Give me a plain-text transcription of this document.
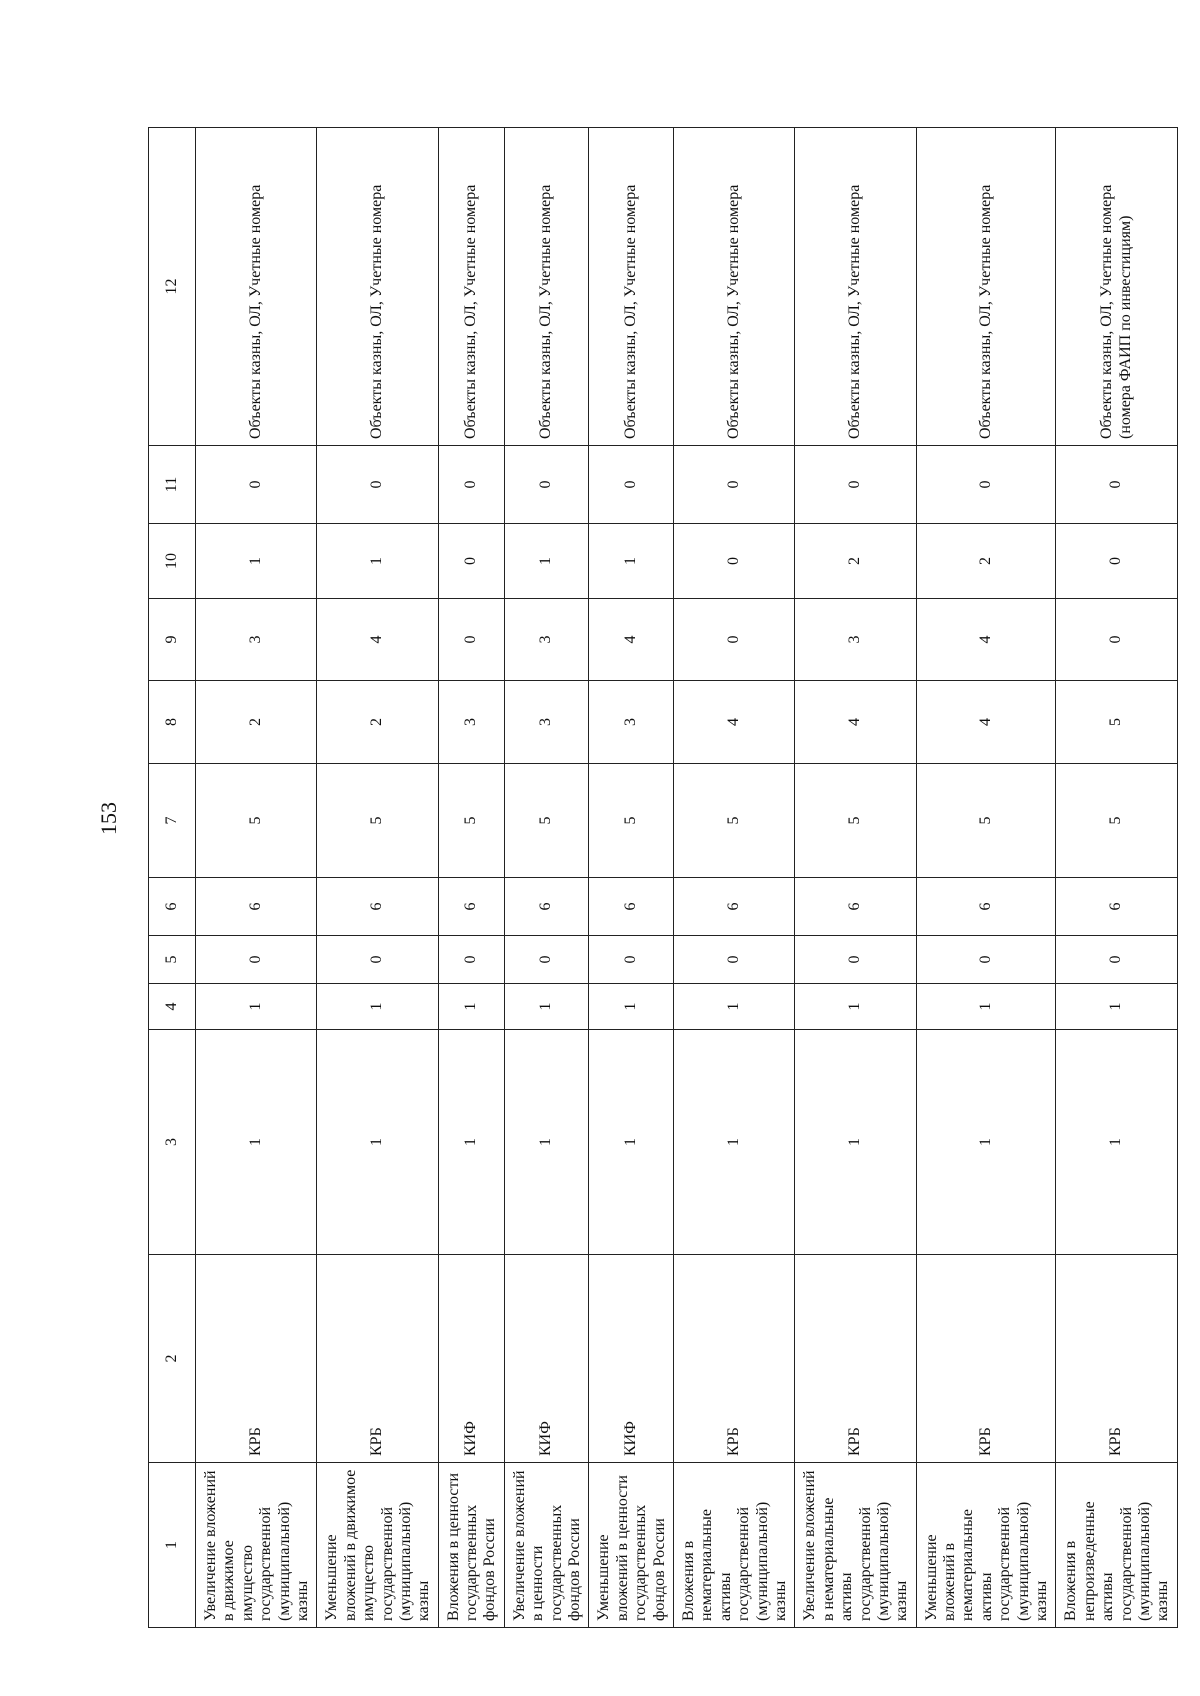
153
1	2	3	4	5	6	7	8	9	10	11	12
Увеличение вложений в движимое имущество государственной (муниципальной) казны	КРБ	1	1	0	6	5	2	3	1	0	Объекты казны, ОЛ, Учетные номера
Уменьшение вложений в движимое имущество государственной (муниципальной) казны	КРБ	1	1	0	6	5	2	4	1	0	Объекты казны, ОЛ, Учетные номера
Вложения в ценности государственных фондов России	КИФ	1	1	0	6	5	3	0	0	0	Объекты казны, ОЛ, Учетные номера
Увеличение вложений в ценности государственных фондов России	КИФ	1	1	0	6	5	3	3	1	0	Объекты казны, ОЛ, Учетные номера
Уменьшение вложений в ценности государственных фондов России	КИФ	1	1	0	6	5	3	4	1	0	Объекты казны, ОЛ, Учетные номера
Вложения в нематериальные активы государственной (муниципальной) казны	КРБ	1	1	0	6	5	4	0	0	0	Объекты казны, ОЛ, Учетные номера
Увеличение вложений в нематериальные активы государственной (муниципальной) казны	КРБ	1	1	0	6	5	4	3	2	0	Объекты казны, ОЛ, Учетные номера
Уменьшение вложений в нематериальные активы государственной (муниципальной) казны	КРБ	1	1	0	6	5	4	4	2	0	Объекты казны, ОЛ, Учетные номера
Вложения в непроизведенные активы государственной (муниципальной) казны	КРБ	1	1	0	6	5	5	0	0	0	Объекты казны, ОЛ, Учетные номера (номера ФАИП по инвестициям)
